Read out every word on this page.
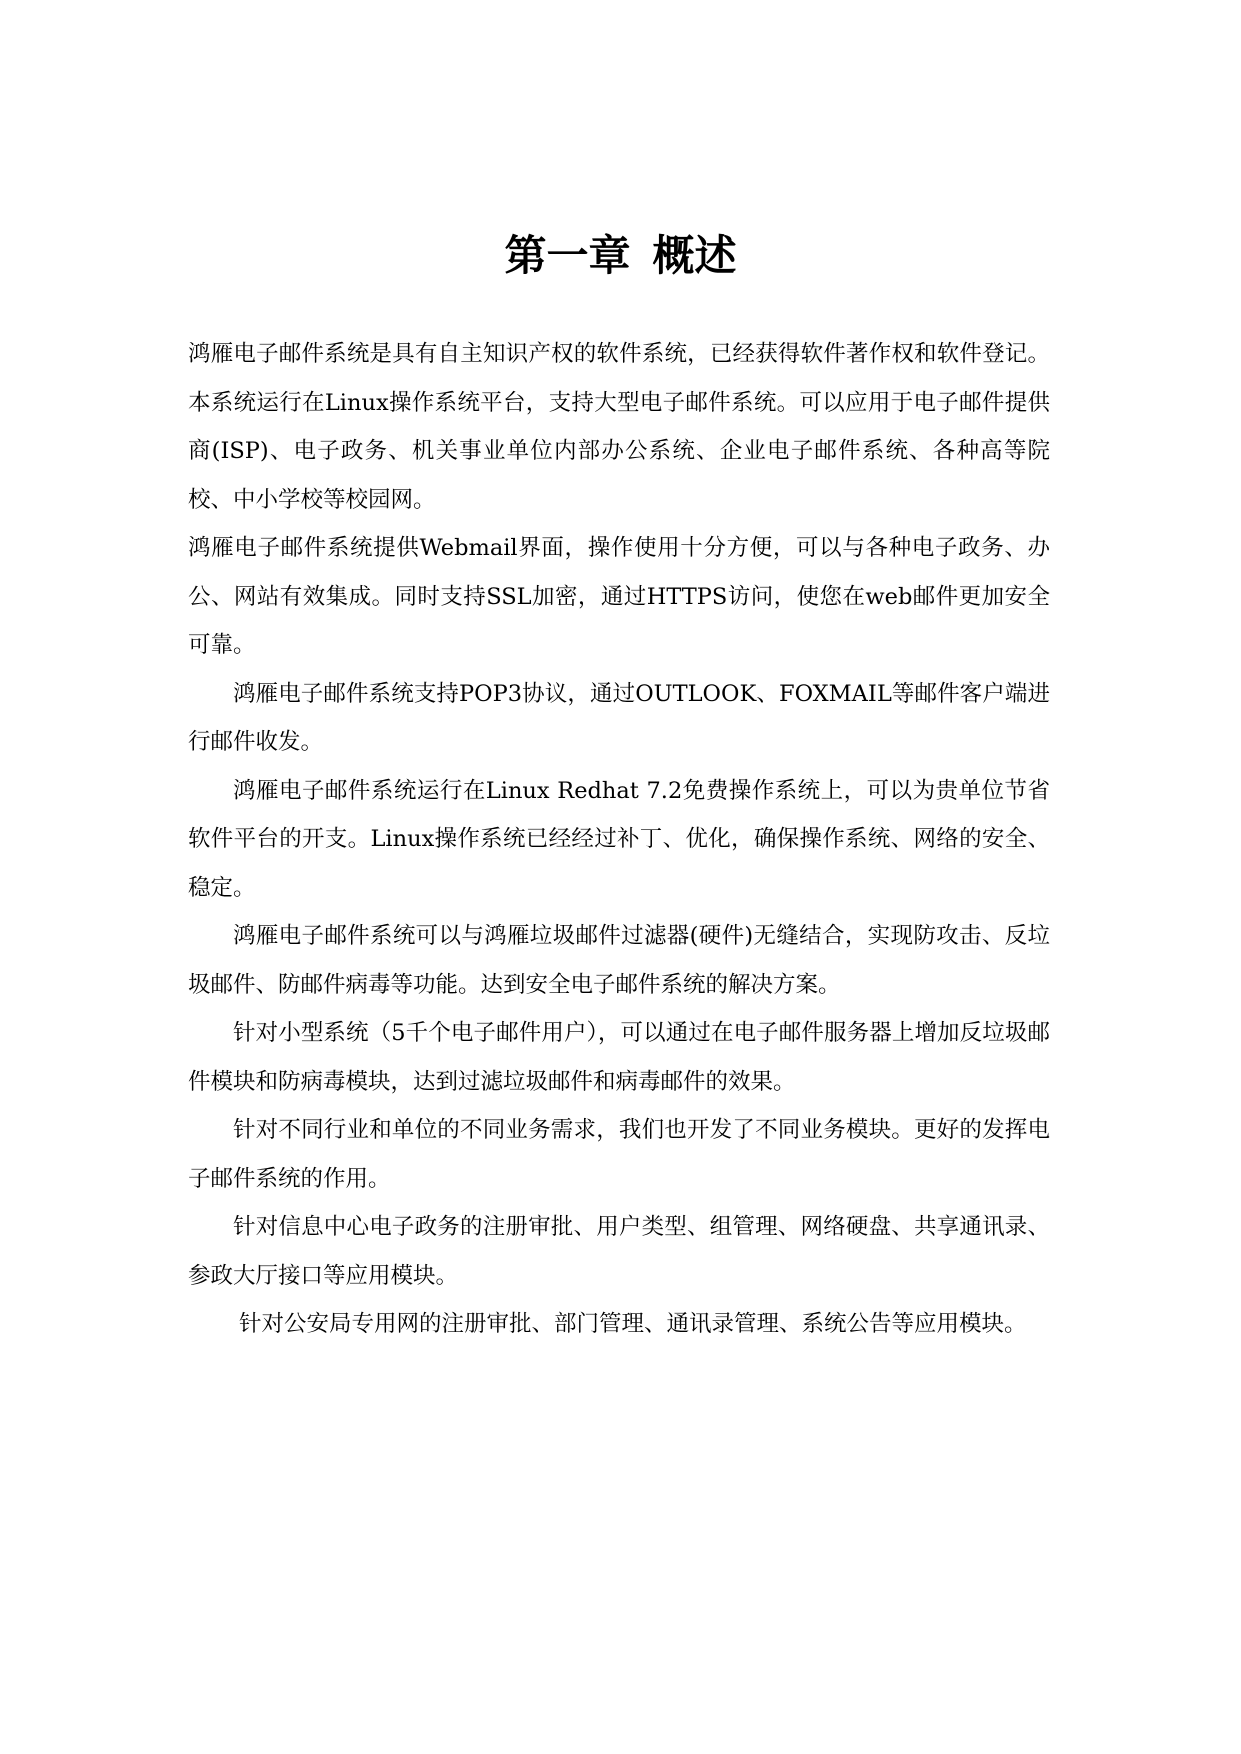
第一章 概述

鸿雁电子邮件系统是具有自主知识产权的软件系统，已经获得软件著作权和软件登记。本系统运行在Linux操作系统平台，支持大型电子邮件系统。可以应用于电子邮件提供商(ISP)、电子政务、机关事业单位内部办公系统、企业电子邮件系统、各种高等院校、中小学校等校园网。

鸿雁电子邮件系统提供Webmail界面，操作使用十分方便，可以与各种电子政务、办公、网站有效集成。同时支持SSL加密，通过HTTPS访问，使您在web邮件更加安全可靠。

鸿雁电子邮件系统支持POP3协议，通过OUTLOOK、FOXMAIL等邮件客户端进行邮件收发。

鸿雁电子邮件系统运行在Linux Redhat 7.2免费操作系统上，可以为贵单位节省软件平台的开支。Linux操作系统已经经过补丁、优化，确保操作系统、网络的安全、稳定。

鸿雁电子邮件系统可以与鸿雁垃圾邮件过滤器(硬件)无缝结合，实现防攻击、反垃圾邮件、防邮件病毒等功能。达到安全电子邮件系统的解决方案。

针对小型系统（5千个电子邮件用户），可以通过在电子邮件服务器上增加反垃圾邮件模块和防病毒模块，达到过滤垃圾邮件和病毒邮件的效果。

针对不同行业和单位的不同业务需求，我们也开发了不同业务模块。更好的发挥电子邮件系统的作用。

针对信息中心电子政务的注册审批、用户类型、组管理、网络硬盘、共享通讯录、参政大厅接口等应用模块。

针对公安局专用网的注册审批、部门管理、通讯录管理、系统公告等应用模块。
